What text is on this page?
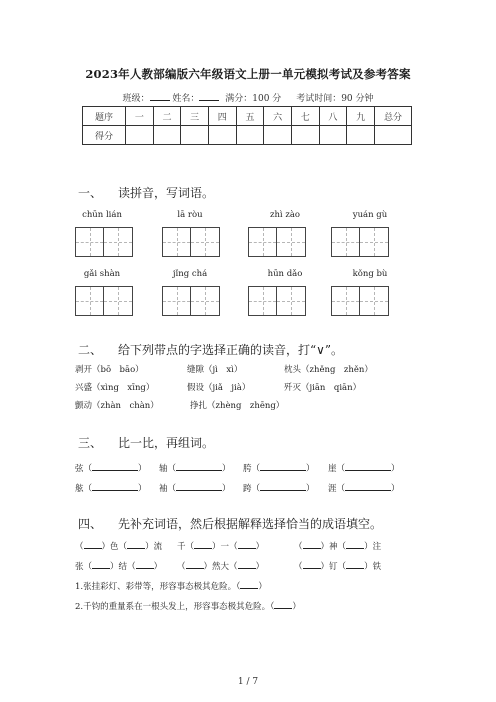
2023年人教部编版六年级语文上册一单元模拟考试及参考答案
班级：	姓名：	满分：100 分 考试时间：90 分钟
题序	一	二	三	四	五	六	七	八	九	总分
得分										
一、 读拼音，写词语。
chūn lián	lā ròu	zhì zào	yuán gù
gǎi shàn	jǐng chá	hūn dǎo	kǒng bù
二、 给下列带点的字选择正确的读音，打“∨”。
剥开（bō　bāo）	缝隙（jì　xì）	枕头（zhěng　zhěn）
兴盛（xìng　xīng）	假设（jiǎ　jià）	歼灭（jiān　qiān）
颤动（zhàn　chàn）	挣扎（zhèng　zhēng）
三、 比一比，再组词。
弦（	） 轴（	） 胯（	） 崖（	）
舷（	） 袖（	） 跨（	） 涯（	）
四、 先补充词语，然后根据解释选择恰当的成语填空。
（ ）色（ ）流 千（ ）一（ ）	（ ）神（ ）注
张（ ）结（ ） （ ）然大（ ）	（ ）钉（ ）铁
1.张挂彩灯、彩带等，形容事态极其危险。（ ）
2.千钧的重量系在一根头发上，形容事态极其危险。（ ）
1 / 7
